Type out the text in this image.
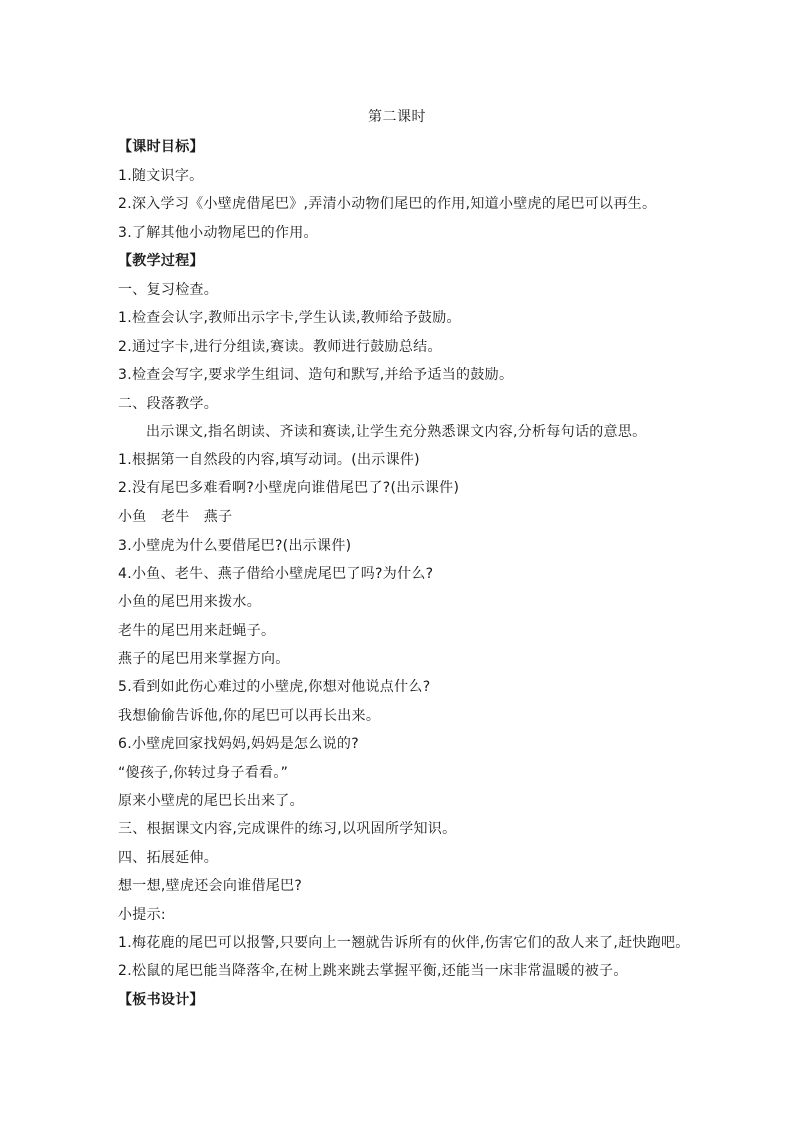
第二课时
【课时目标】
1.随文识字。
2.深入学习《小壁虎借尾巴》,弄清小动物们尾巴的作用,知道小壁虎的尾巴可以再生。
3.了解其他小动物尾巴的作用。
【教学过程】
一、复习检查。
1.检查会认字,教师出示字卡,学生认读,教师给予鼓励。
2.通过字卡,进行分组读,赛读。教师进行鼓励总结。
3.检查会写字,要求学生组词、造句和默写,并给予适当的鼓励。
二、段落教学。
出示课文,指名朗读、齐读和赛读,让学生充分熟悉课文内容,分析每句话的意思。
1.根据第一自然段的内容,填写动词。(出示课件)
2.没有尾巴多难看啊?小壁虎向谁借尾巴了?(出示课件)
小鱼　老牛　燕子
3.小壁虎为什么要借尾巴?(出示课件)
4.小鱼、老牛、燕子借给小壁虎尾巴了吗?为什么?
小鱼的尾巴用来拨水。
老牛的尾巴用来赶蝇子。
燕子的尾巴用来掌握方向。
5.看到如此伤心难过的小壁虎,你想对他说点什么?
我想偷偷告诉他,你的尾巴可以再长出来。
6.小壁虎回家找妈妈,妈妈是怎么说的?
“傻孩子,你转过身子看看。”
原来小壁虎的尾巴长出来了。
三、根据课文内容,完成课件的练习,以巩固所学知识。
四、拓展延伸。
想一想,壁虎还会向谁借尾巴?
小提示:
1.梅花鹿的尾巴可以报警,只要向上一翘就告诉所有的伙伴,伤害它们的敌人来了,赶快跑吧。
2.松鼠的尾巴能当降落伞,在树上跳来跳去掌握平衡,还能当一床非常温暖的被子。
【板书设计】
